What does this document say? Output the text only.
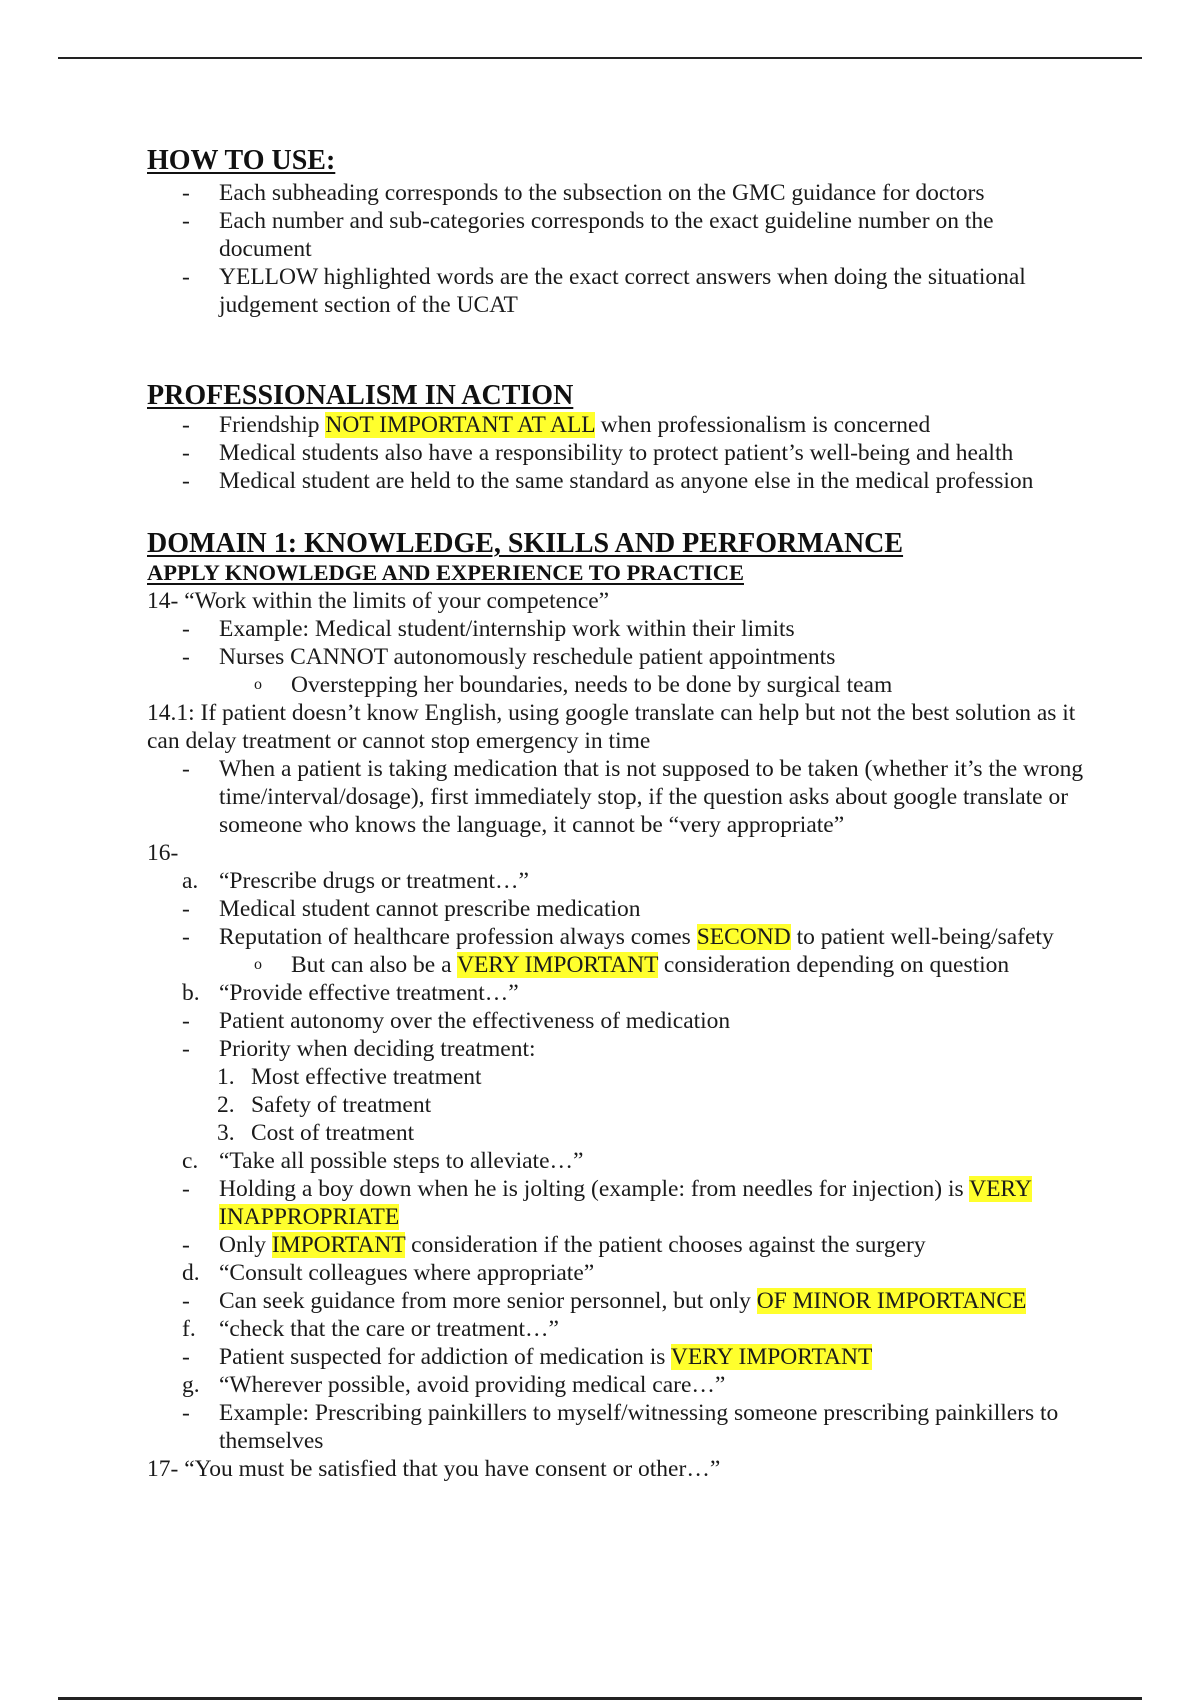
HOW TO USE:
-	Each subheading corresponds to the subsection on the GMC guidance for doctors
-	Each number and sub-categories corresponds to the exact guideline number on the document
-	YELLOW highlighted words are the exact correct answers when doing the situational judgement section of the UCAT
PROFESSIONALISM IN ACTION
-	Friendship NOT IMPORTANT AT ALL when professionalism is concerned
-	Medical students also have a responsibility to protect patient’s well-being and health
-	Medical student are held to the same standard as anyone else in the medical profession
DOMAIN 1: KNOWLEDGE, SKILLS AND PERFORMANCE
APPLY KNOWLEDGE AND EXPERIENCE TO PRACTICE
14- “Work within the limits of your competence”
-	Example: Medical student/internship work within their limits
-	Nurses CANNOT autonomously reschedule patient appointments
o	Overstepping her boundaries, needs to be done by surgical team
14.1: If patient doesn’t know English, using google translate can help but not the best solution as it can delay treatment or cannot stop emergency in time
-	When a patient is taking medication that is not supposed to be taken (whether it’s the wrong time/interval/dosage), first immediately stop, if the question asks about google translate or someone who knows the language, it cannot be “very appropriate”
16-
a. “Prescribe drugs or treatment…”
-	Medical student cannot prescribe medication
-	Reputation of healthcare profession always comes SECOND to patient well-being/safety
o	But can also be a VERY IMPORTANT consideration depending on question
b. “Provide effective treatment…”
-	Patient autonomy over the effectiveness of medication
-	Priority when deciding treatment:
1. Most effective treatment
2. Safety of treatment
3. Cost of treatment
c. “Take all possible steps to alleviate…”
-	Holding a boy down when he is jolting (example: from needles for injection) is VERY INAPPROPRIATE
-	Only IMPORTANT consideration if the patient chooses against the surgery
d. “Consult colleagues where appropriate”
-	Can seek guidance from more senior personnel, but only OF MINOR IMPORTANCE
f. “check that the care or treatment…”
-	Patient suspected for addiction of medication is VERY IMPORTANT
g. “Wherever possible, avoid providing medical care…”
-	Example: Prescribing painkillers to myself/witnessing someone prescribing painkillers to themselves
17- “You must be satisfied that you have consent or other…”
